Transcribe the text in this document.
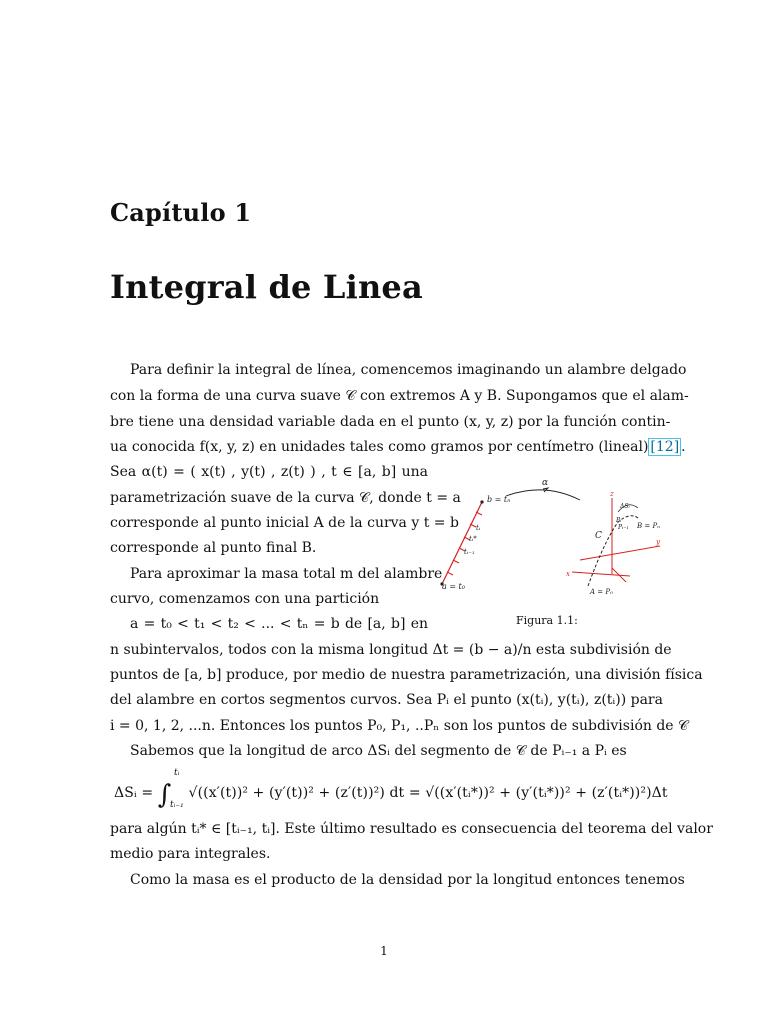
Capítulo 1
Integral de Linea
Para definir la integral de línea, comencemos imaginando un alambre delgado
con la forma de una curva suave 𝒞 con extremos A y B. Supongamos que el alam-
bre tiene una densidad variable dada en el punto (x, y, z) por la función contin-
ua conocida f(x, y, z) en unidades tales como gramos por centímetro (lineal) [12] .
Sea α(t) = ( x(t) , y(t) , z(t) ) , t ∈ [a, b] una
parametrización suave de la curva 𝒞, donde t = a
corresponde al punto inicial A de la curva y t = b
corresponde al punto final B.
Para aproximar la masa total m del alambre
curvo, comenzamos con una partición
a = t₀ < t₁ < t₂ < ... < tₙ = b de [a, b] en
n subintervalos, todos con la misma longitud Δt = (b − a)/n esta subdivisión de
puntos de [a, b] produce, por medio de nuestra parametrización, una división física
del alambre en cortos segmentos curvos. Sea Pᵢ el punto (x(tᵢ), y(tᵢ), z(tᵢ)) para
i = 0, 1, 2, ...n. Entonces los puntos P₀, P₁, ..Pₙ son los puntos de subdivisión de 𝒞
Sabemos que la longitud de arco ΔSᵢ del segmento de 𝒞 de Pᵢ₋₁ a Pᵢ es
tᵢ
tᵢ₋₁
ΔSᵢ = ∫ √((x′(t))² + (y′(t))² + (z′(t))²) dt = √((x′(tᵢ*))² + (y′(tᵢ*))² + (z′(tᵢ*))²)Δt
para algún tᵢ* ∈ [tᵢ₋₁, tᵢ]. Este último resultado es consecuencia del teorema del valor
medio para integrales.
Como la masa es el producto de la densidad por la longitud entonces tenemos
b = tₙ
tᵢ
tᵢ*
tᵢ₋₁
a = t₀
α
z
y
x
ΔSᵢ
Pᵢ
Pᵢ₋₁ B = Pₙ
C
A = P₀
Figura 1.1:
1
